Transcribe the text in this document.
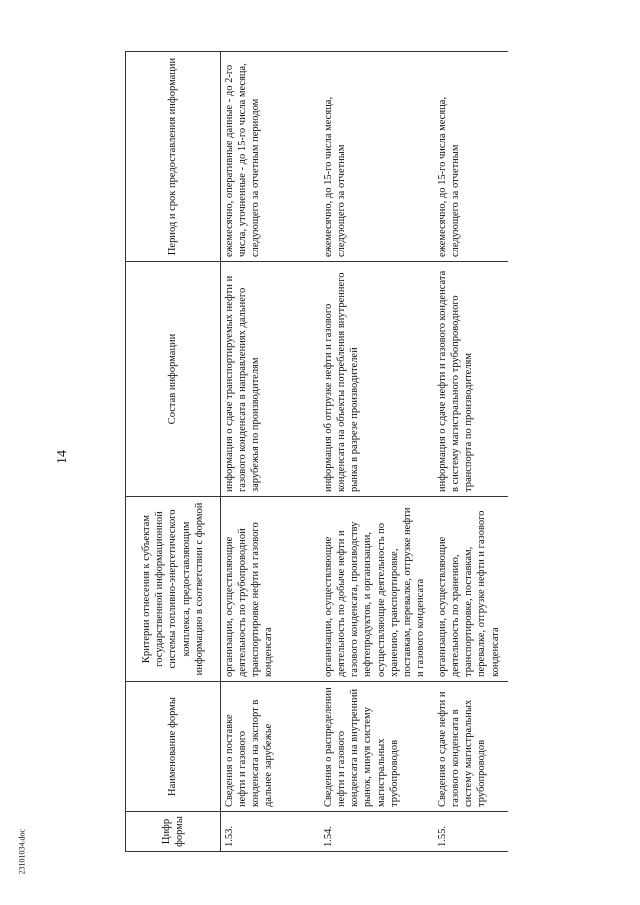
14
Цифр формы	Наименование формы	Критерии отнесения к субъектам государственной информационной системы топливно-энергетического комплекса, предоставляющим информацию в соответствии с формой	Состав информации	Период и срок предоставления информации
1.53.	Сведения о поставке нефти и газового конденсата на экспорт в дальнее зарубежье	организации, осуществляющие деятельность по трубопроводной транспортировке нефти и газового конденсата	информация о сдаче транспортируемых нефти и газового конденсата в направлениях дальнего зарубежья по производителям	ежемесячно, оперативные данные - до 2-го числа, уточненные - до 15-го числа месяца, следующего за отчетным периодом
1.54.	Сведения о распределении нефти и газового конденсата на внутренний рынок, минуя систему магистральных трубопроводов	организации, осуществляющие деятельность по добыче нефти и газового конденсата, производству нефтепродуктов, и организации, осуществляющие деятельность по хранению, транспортировке, поставкам, перевалке, отгрузке нефти и газового конденсата	информация об отгрузке нефти и газового конденсата на объекты потребления внутреннего рынка в разрезе производителей	ежемесячно, до 15-го числа месяца, следующего за отчетным
1.55.	Сведения о сдаче нефти и газового конденсата в систему магистральных трубопроводов	организации, осуществляющие деятельность по хранению, транспортировке, поставкам, перевалке, отгрузке нефти и газового конденсата	информация о сдаче нефти и газового конденсата в систему магистрального трубопроводного транспорта по производителям	ежемесячно, до 15-го числа месяца, следующего за отчетным
23101034.doc
